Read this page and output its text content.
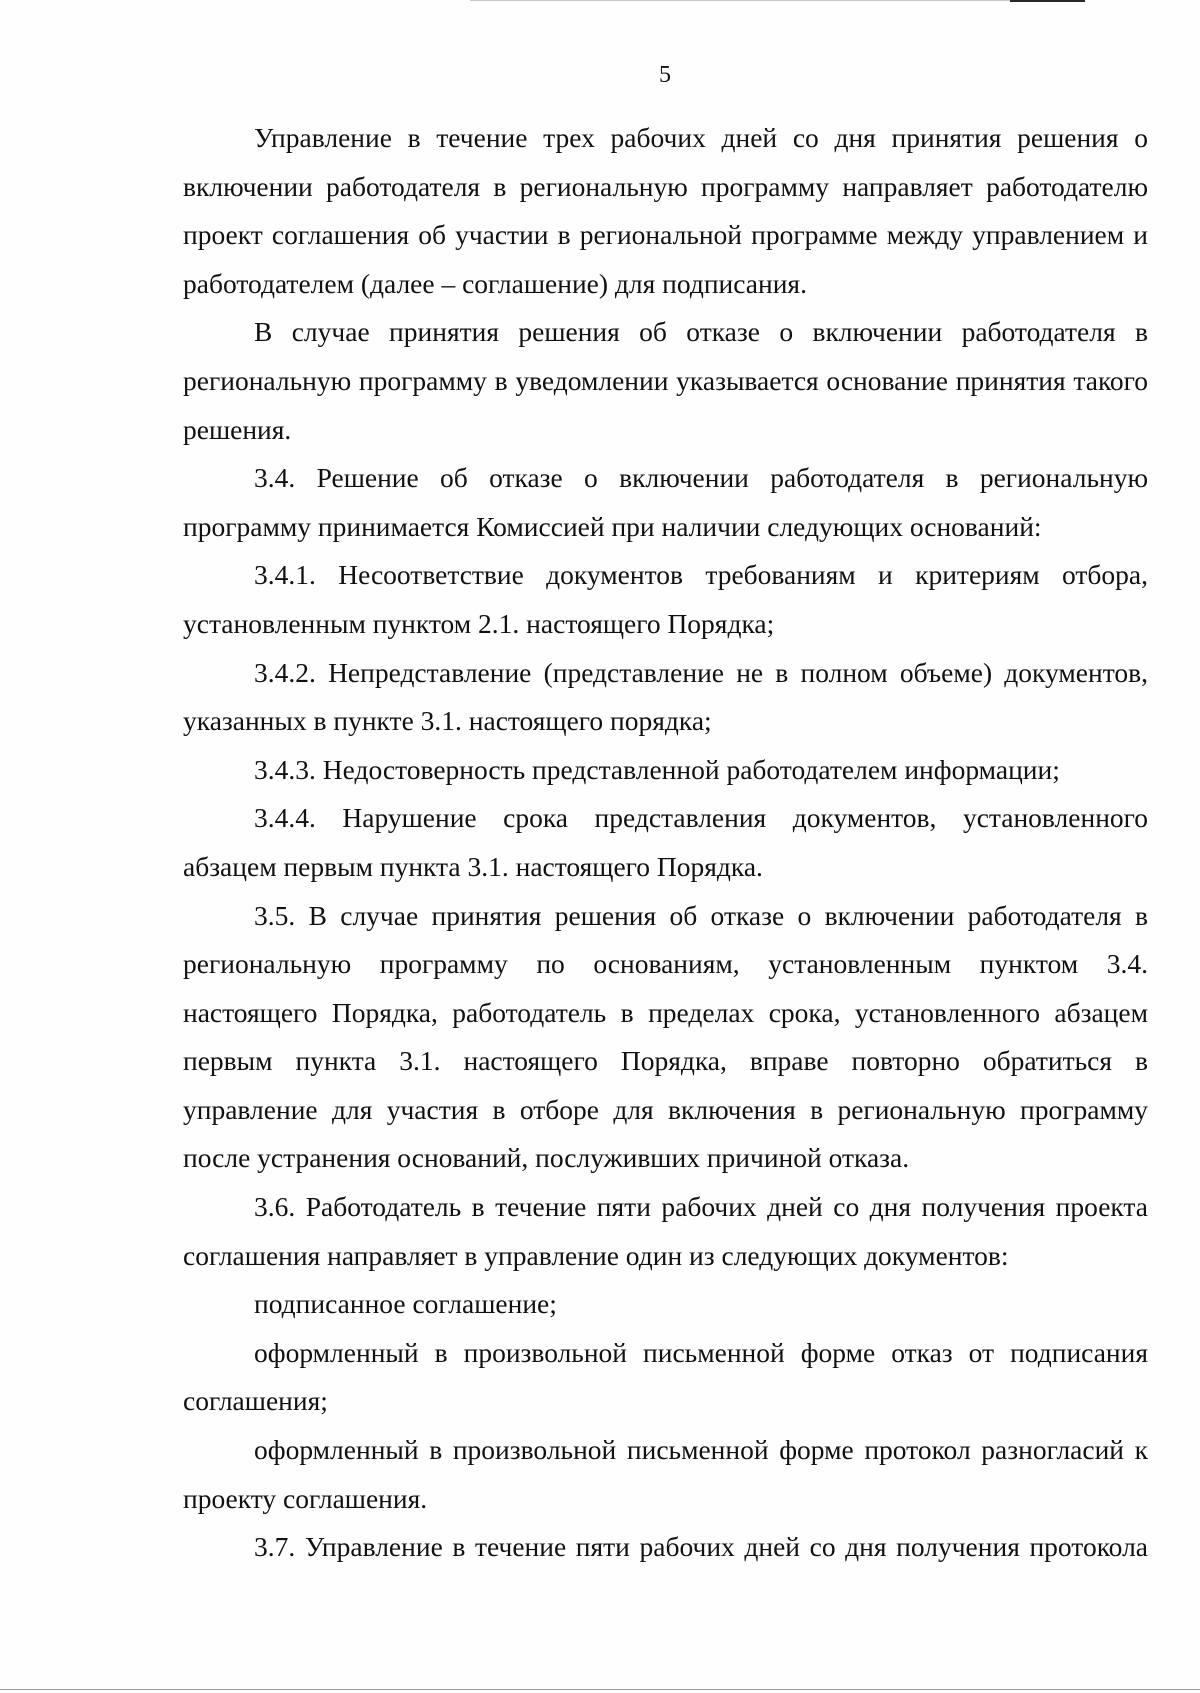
5

Управление в течение трех рабочих дней со дня принятия решения о включении работодателя в региональную программу направляет работодателю проект соглашения об участии в региональной программе между управлением и работодателем (далее – соглашение) для подписания.

В случае принятия решения об отказе о включении работодателя в региональную программу в уведомлении указывается основание принятия такого решения.

3.4. Решение об отказе о включении работодателя в региональную программу принимается Комиссией при наличии следующих оснований:

3.4.1. Несоответствие документов требованиям и критериям отбора, установленным пунктом 2.1. настоящего Порядка;

3.4.2. Непредставление (представление не в полном объеме) документов, указанных в пункте 3.1. настоящего порядка;

3.4.3. Недостоверность представленной работодателем информации;

3.4.4. Нарушение срока представления документов, установленного абзацем первым пункта 3.1. настоящего Порядка.

3.5. В случае принятия решения об отказе о включении работодателя в региональную программу по основаниям, установленным пунктом 3.4. настоящего Порядка, работодатель в пределах срока, установленного абзацем первым пункта 3.1. настоящего Порядка, вправе повторно обратиться в управление для участия в отборе для включения в региональную программу после устранения оснований, послуживших причиной отказа.

3.6. Работодатель в течение пяти рабочих дней со дня получения проекта соглашения направляет в управление один из следующих документов:

подписанное соглашение;

оформленный в произвольной письменной форме отказ от подписания соглашения;

оформленный в произвольной письменной форме протокол разногласий к проекту соглашения.

3.7. Управление в течение пяти рабочих дней со дня получения протокола
